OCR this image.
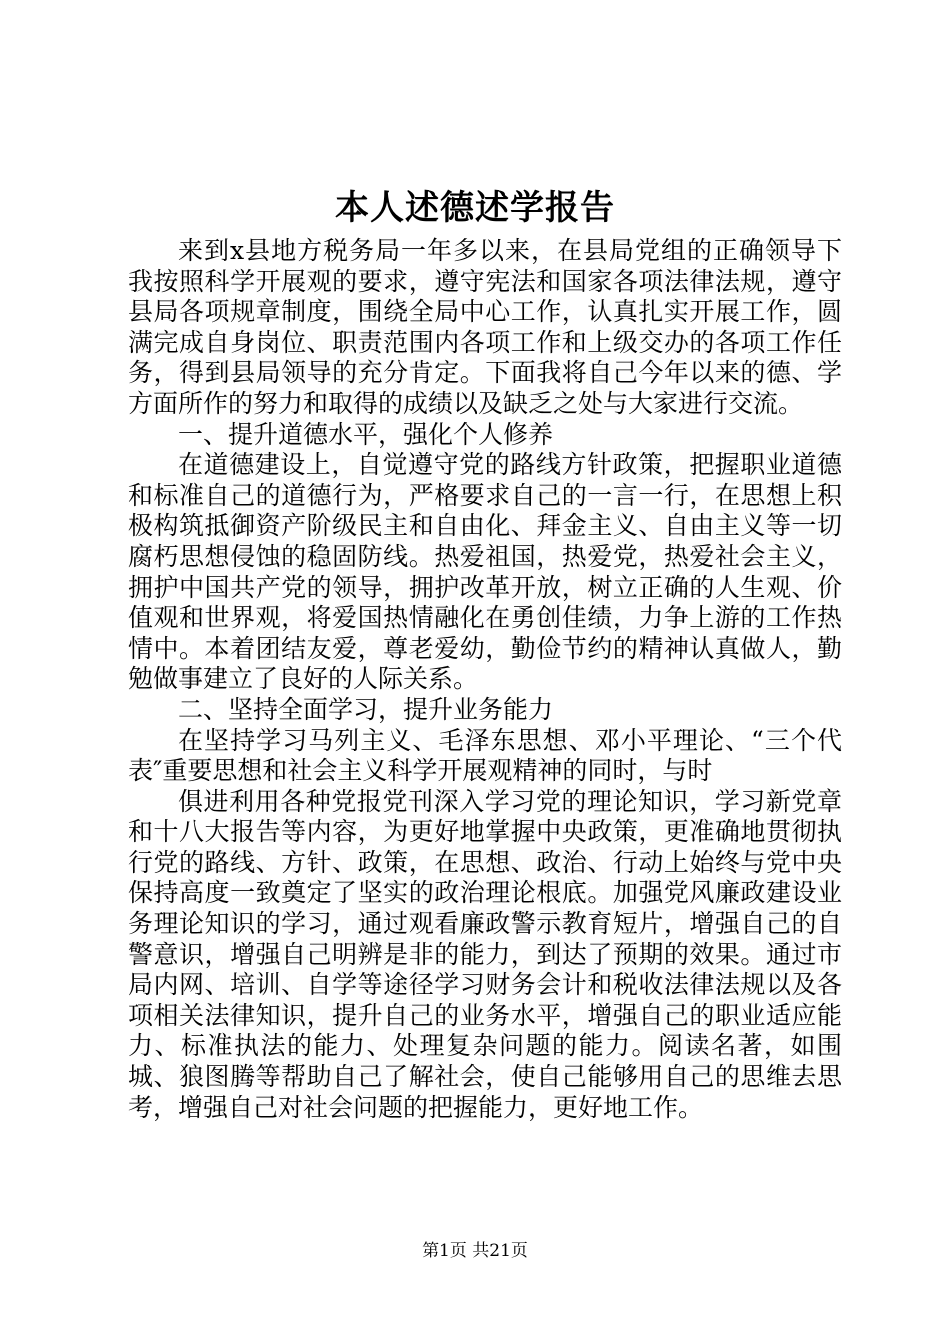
本人述德述学报告

来到x县地方税务局一年多以来，在县局党组的正确领导下我按照科学开展观的要求，遵守宪法和国家各项法律法规，遵守县局各项规章制度，围绕全局中心工作，认真扎实开展工作，圆满完成自身岗位、职责范围内各项工作和上级交办的各项工作任务，得到县局领导的充分肯定。下面我将自己今年以来的德、学方面所作的努力和取得的成绩以及缺乏之处与大家进行交流。

一、提升道德水平，强化个人修养

在道德建设上，自觉遵守党的路线方针政策，把握职业道德和标准自己的道德行为，严格要求自己的一言一行，在思想上积极构筑抵御资产阶级民主和自由化、拜金主义、自由主义等一切腐朽思想侵蚀的稳固防线。热爱祖国，热爱党，热爱社会主义，拥护中国共产党的领导，拥护改革开放，树立正确的人生观、价值观和世界观，将爱国热情融化在勇创佳绩，力争上游的工作热情中。本着团结友爱，尊老爱幼，勤俭节约的精神认真做人，勤勉做事建立了良好的人际关系。

二、坚持全面学习，提升业务能力

在坚持学习马列主义、毛泽东思想、邓小平理论、“三个代表″重要思想和社会主义科学开展观精神的同时，与时

俱进利用各种党报党刊深入学习党的理论知识，学习新党章和十八大报告等内容，为更好地掌握中央政策，更准确地贯彻执行党的路线、方针、政策，在思想、政治、行动上始终与党中央保持高度一致奠定了坚实的政治理论根底。加强党风廉政建设业务理论知识的学习，通过观看廉政警示教育短片，增强自己的自警意识，增强自己明辨是非的能力，到达了预期的效果。通过市局内网、培训、自学等途径学习财务会计和税收法律法规以及各项相关法律知识，提升自己的业务水平，增强自己的职业适应能力、标准执法的能力、处理复杂问题的能力。阅读名著，如围城、狼图腾等帮助自己了解社会，使自己能够用自己的思维去思考，增强自己对社会问题的把握能力，更好地工作。

第1页 共21页
